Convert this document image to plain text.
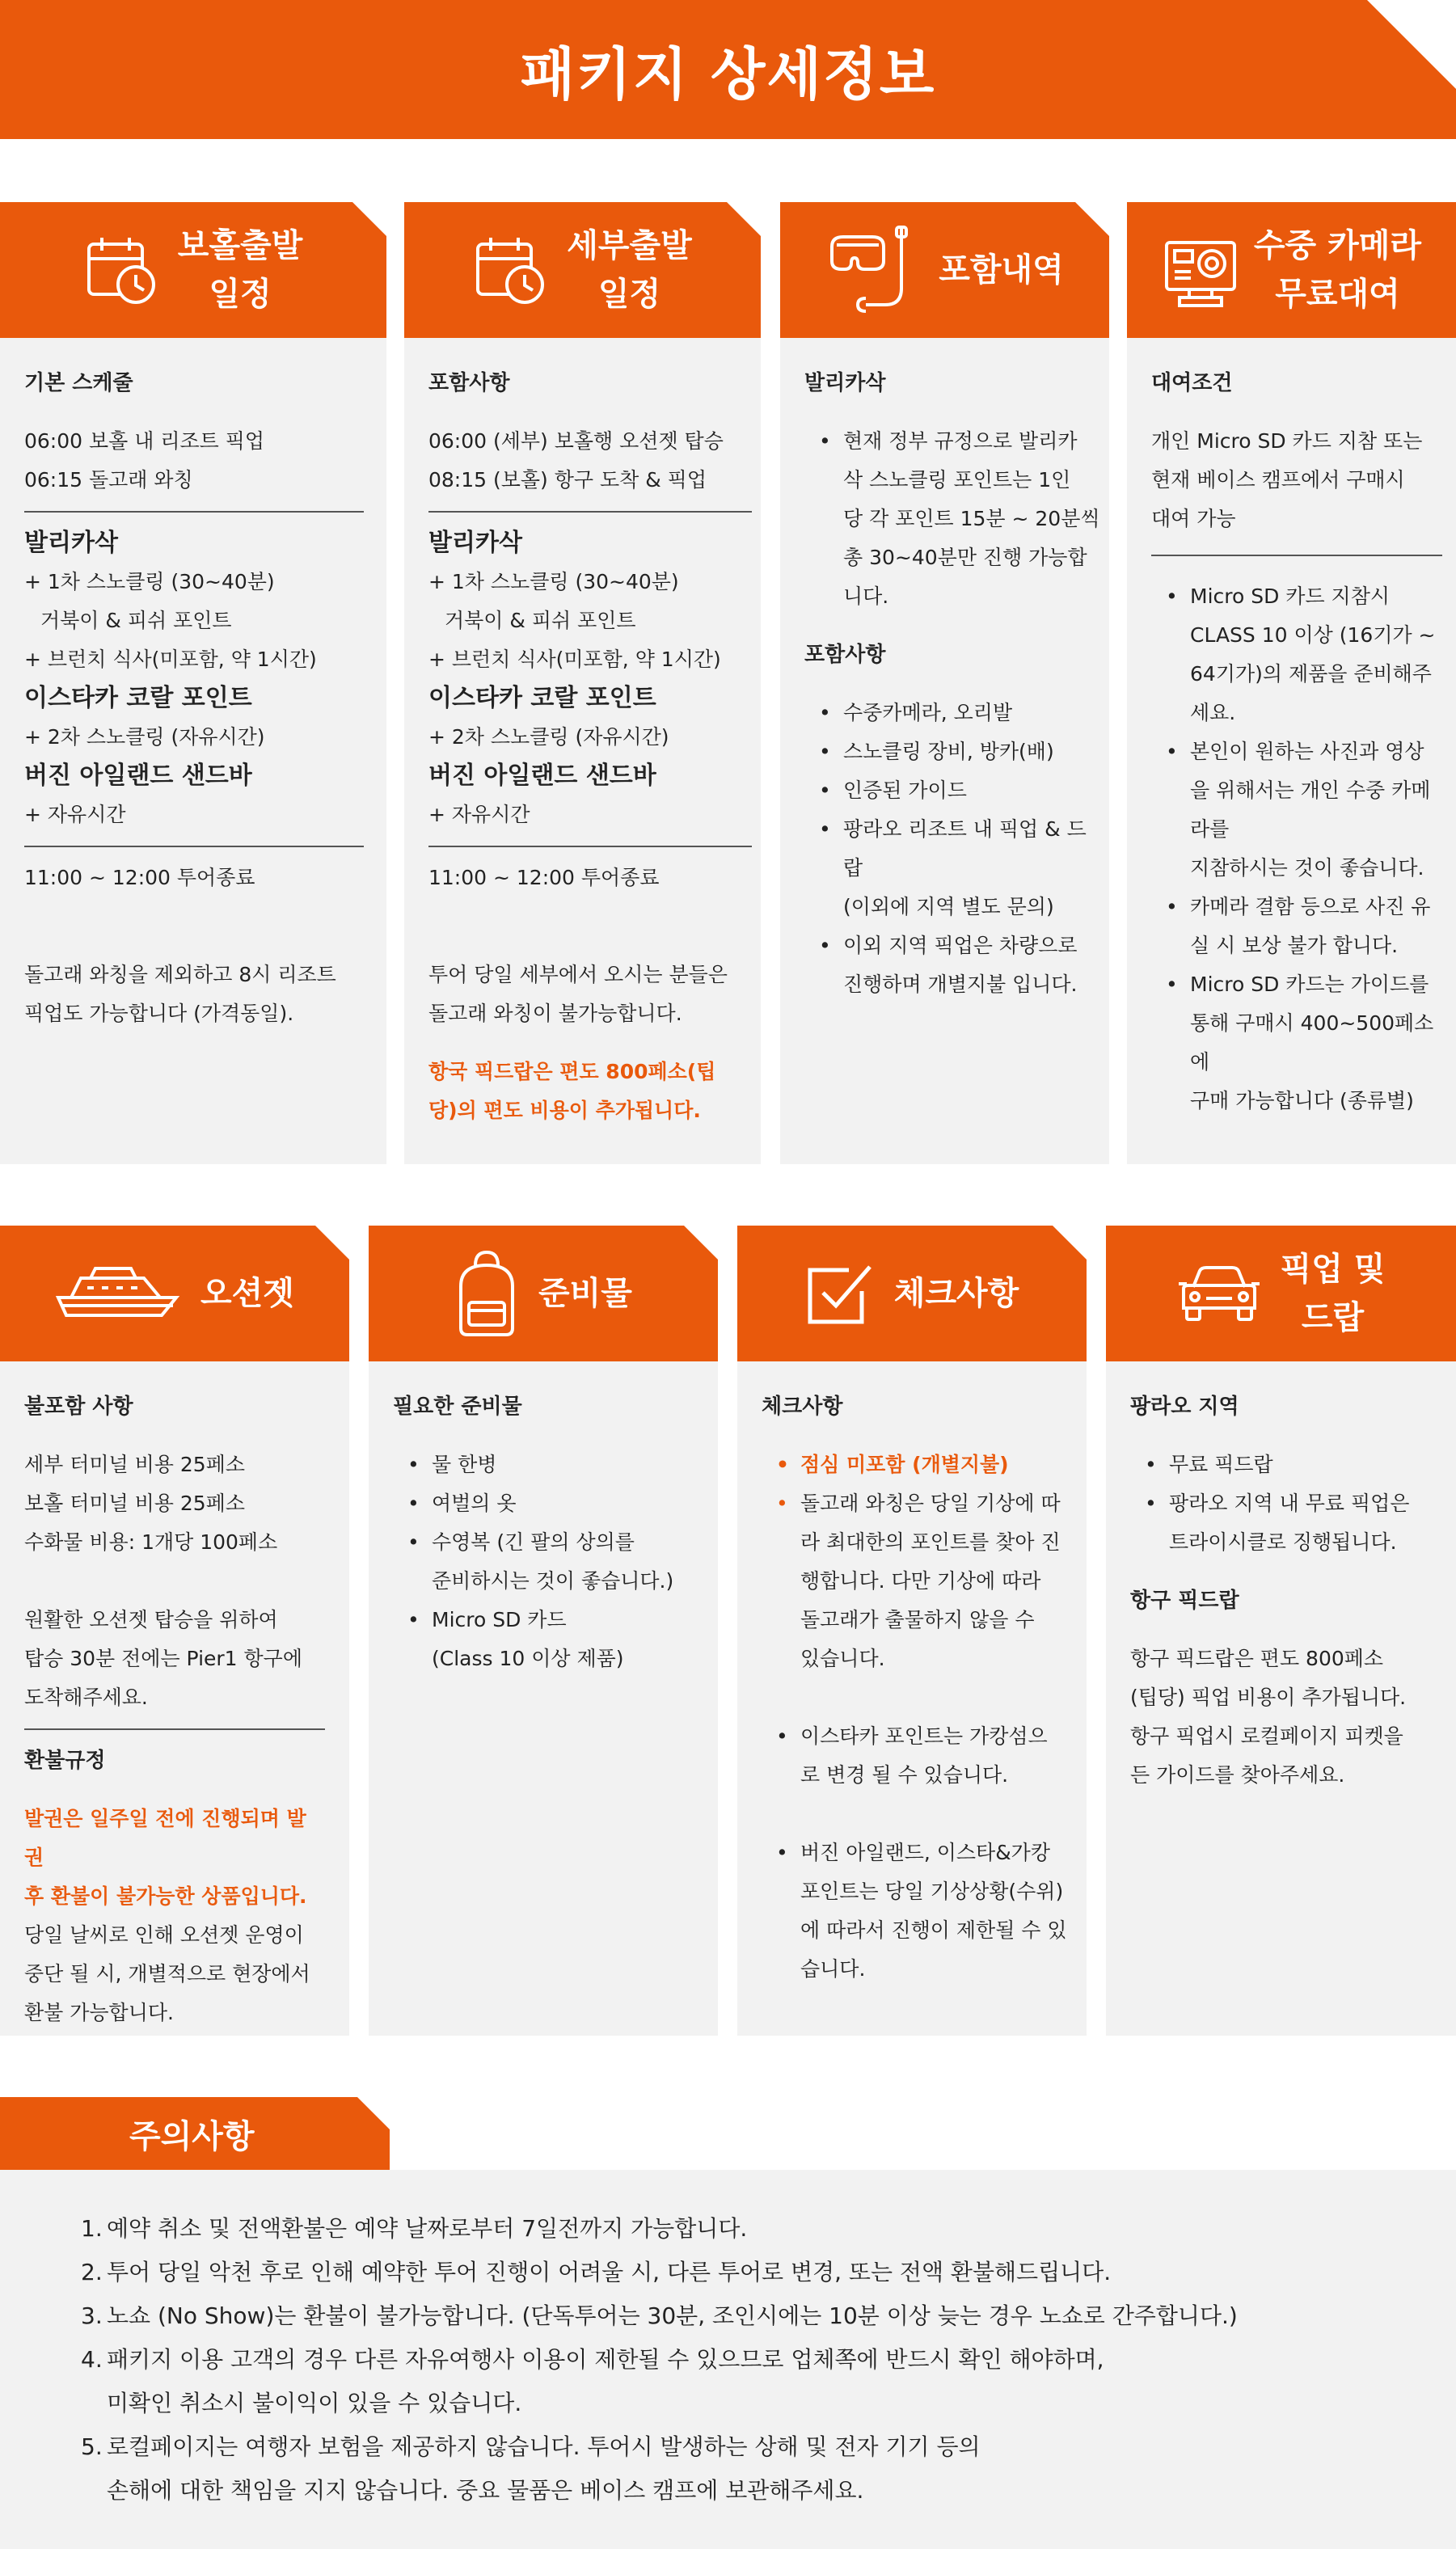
패키지 상세정보
보홀출발
일정
기본 스케줄
06:00 보홀 내 리조트 픽업
06:15 돌고래 와칭
발리카삭
+ 1차 스노클링 (30~40분)
거북이 & 피쉬 포인트
+ 브런치 식사(미포함, 약 1시간)
이스타카 코랄 포인트
+ 2차 스노클링 (자유시간)
버진 아일랜드 샌드바
+ 자유시간
11:00 ~ 12:00 투어종료
돌고래 와칭을 제외하고 8시 리조트
픽업도 가능합니다 (가격동일).
세부출발
일정
포함사항
06:00 (세부) 보홀행 오션젯 탑승
08:15 (보홀) 항구 도착 & 픽업
발리카삭
+ 1차 스노클링 (30~40분)
거북이 & 피쉬 포인트
+ 브런치 식사(미포함, 약 1시간)
이스타카 코랄 포인트
+ 2차 스노클링 (자유시간)
버진 아일랜드 샌드바
+ 자유시간
11:00 ~ 12:00 투어종료
투어 당일 세부에서 오시는 분들은
돌고래 와칭이 불가능합니다.
항국 픽드랍은 편도 800페소(팁
당)의 편도 비용이 추가됩니다.
포함내역
발리카삭
• 현재 정부 규정으로 발리카
삭 스노클링 포인트는 1인
당 각 포인트 15분 ~ 20분씩
총 30~40분만 진행 가능합
니다.
포함사항
• 수중카메라, 오리발
• 스노클링 장비, 방카(배)
• 인증된 가이드
• 팡라오 리조트 내 픽업 & 드
랍
(이외에 지역 별도 문의)
• 이외 지역 픽업은 차량으로
진행하며 개별지불 입니다.
수중 카메라
무료대여
대여조건
개인 Micro SD 카드 지참 또는
현재 베이스 캠프에서 구매시
대여 가능
• Micro SD 카드 지참시
CLASS 10 이상 (16기가 ~
64기가)의 제품을 준비해주
세요.
• 본인이 원하는 사진과 영상
을 위해서는 개인 수중 카메
라를
지참하시는 것이 좋습니다.
• 카메라 결함 등으로 사진 유
실 시 보상 불가 합니다.
• Micro SD 카드는 가이드를
통해 구매시 400~500페소
에
구매 가능합니다 (종류별)
오션젯
불포함 사항
세부 터미널 비용 25페소
보홀 터미널 비용 25페소
수화물 비용: 1개당 100페소
원활한 오션젯 탑승을 위하여
탑승 30분 전에는 Pier1 항구에
도착해주세요.
환불규정
발권은 일주일 전에 진행되며 발권
후 환불이 불가능한 상품입니다.
당일 날씨로 인해 오션젯 운영이
중단 될 시, 개별적으로 현장에서
환불 가능합니다.
준비물
필요한 준비물
• 물 한병
• 여벌의 옷
• 수영복 (긴 팔의 상의를
준비하시는 것이 좋습니다.)
• Micro SD 카드
(Class 10 이상 제품)
체크사항
체크사항
• 점심 미포함 (개별지불)
• 돌고래 와칭은 당일 기상에 따
라 최대한의 포인트를 찾아 진
행합니다. 다만 기상에 따라
돌고래가 출물하지 않을 수
있습니다.
• 이스타카 포인트는 가캉섬으
로 변경 될 수 있습니다.
• 버진 아일랜드, 이스타&가캉
포인트는 당일 기상상황(수위)
에 따라서 진행이 제한될 수 있
습니다.
픽업 및
드랍
팡라오 지역
• 무료 픽드랍
• 팡라오 지역 내 무료 픽업은
트라이시클로 징행됩니다.
항구 픽드랍
항구 픽드랍은 편도 800페소
(팁당) 픽업 비용이 추가됩니다.
항구 픽업시 로컬페이지 피켓을
든 가이드를 찾아주세요.
주의사항
1. 예약 취소 및 전액환불은 예약 날짜로부터 7일전까지 가능합니다.
2. 투어 당일 악천 후로 인해 예약한 투어 진행이 어려울 시, 다른 투어로 변경, 또는 전액 환불해드립니다.
3. 노쇼 (No Show)는 환불이 불가능합니다. (단독투어는 30분, 조인시에는 10분 이상 늦는 경우 노쇼로 간주합니다.)
4. 패키지 이용 고객의 경우 다른 자유여행사 이용이 제한될 수 있으므로 업체쪽에 반드시 확인 해야하며,
미확인 취소시 불이익이 있을 수 있습니다.
5. 로컬페이지는 여행자 보험을 제공하지 않습니다. 투어시 발생하는 상해 및 전자 기기 등의
손해에 대한 책임을 지지 않습니다. 중요 물품은 베이스 캠프에 보관해주세요.
